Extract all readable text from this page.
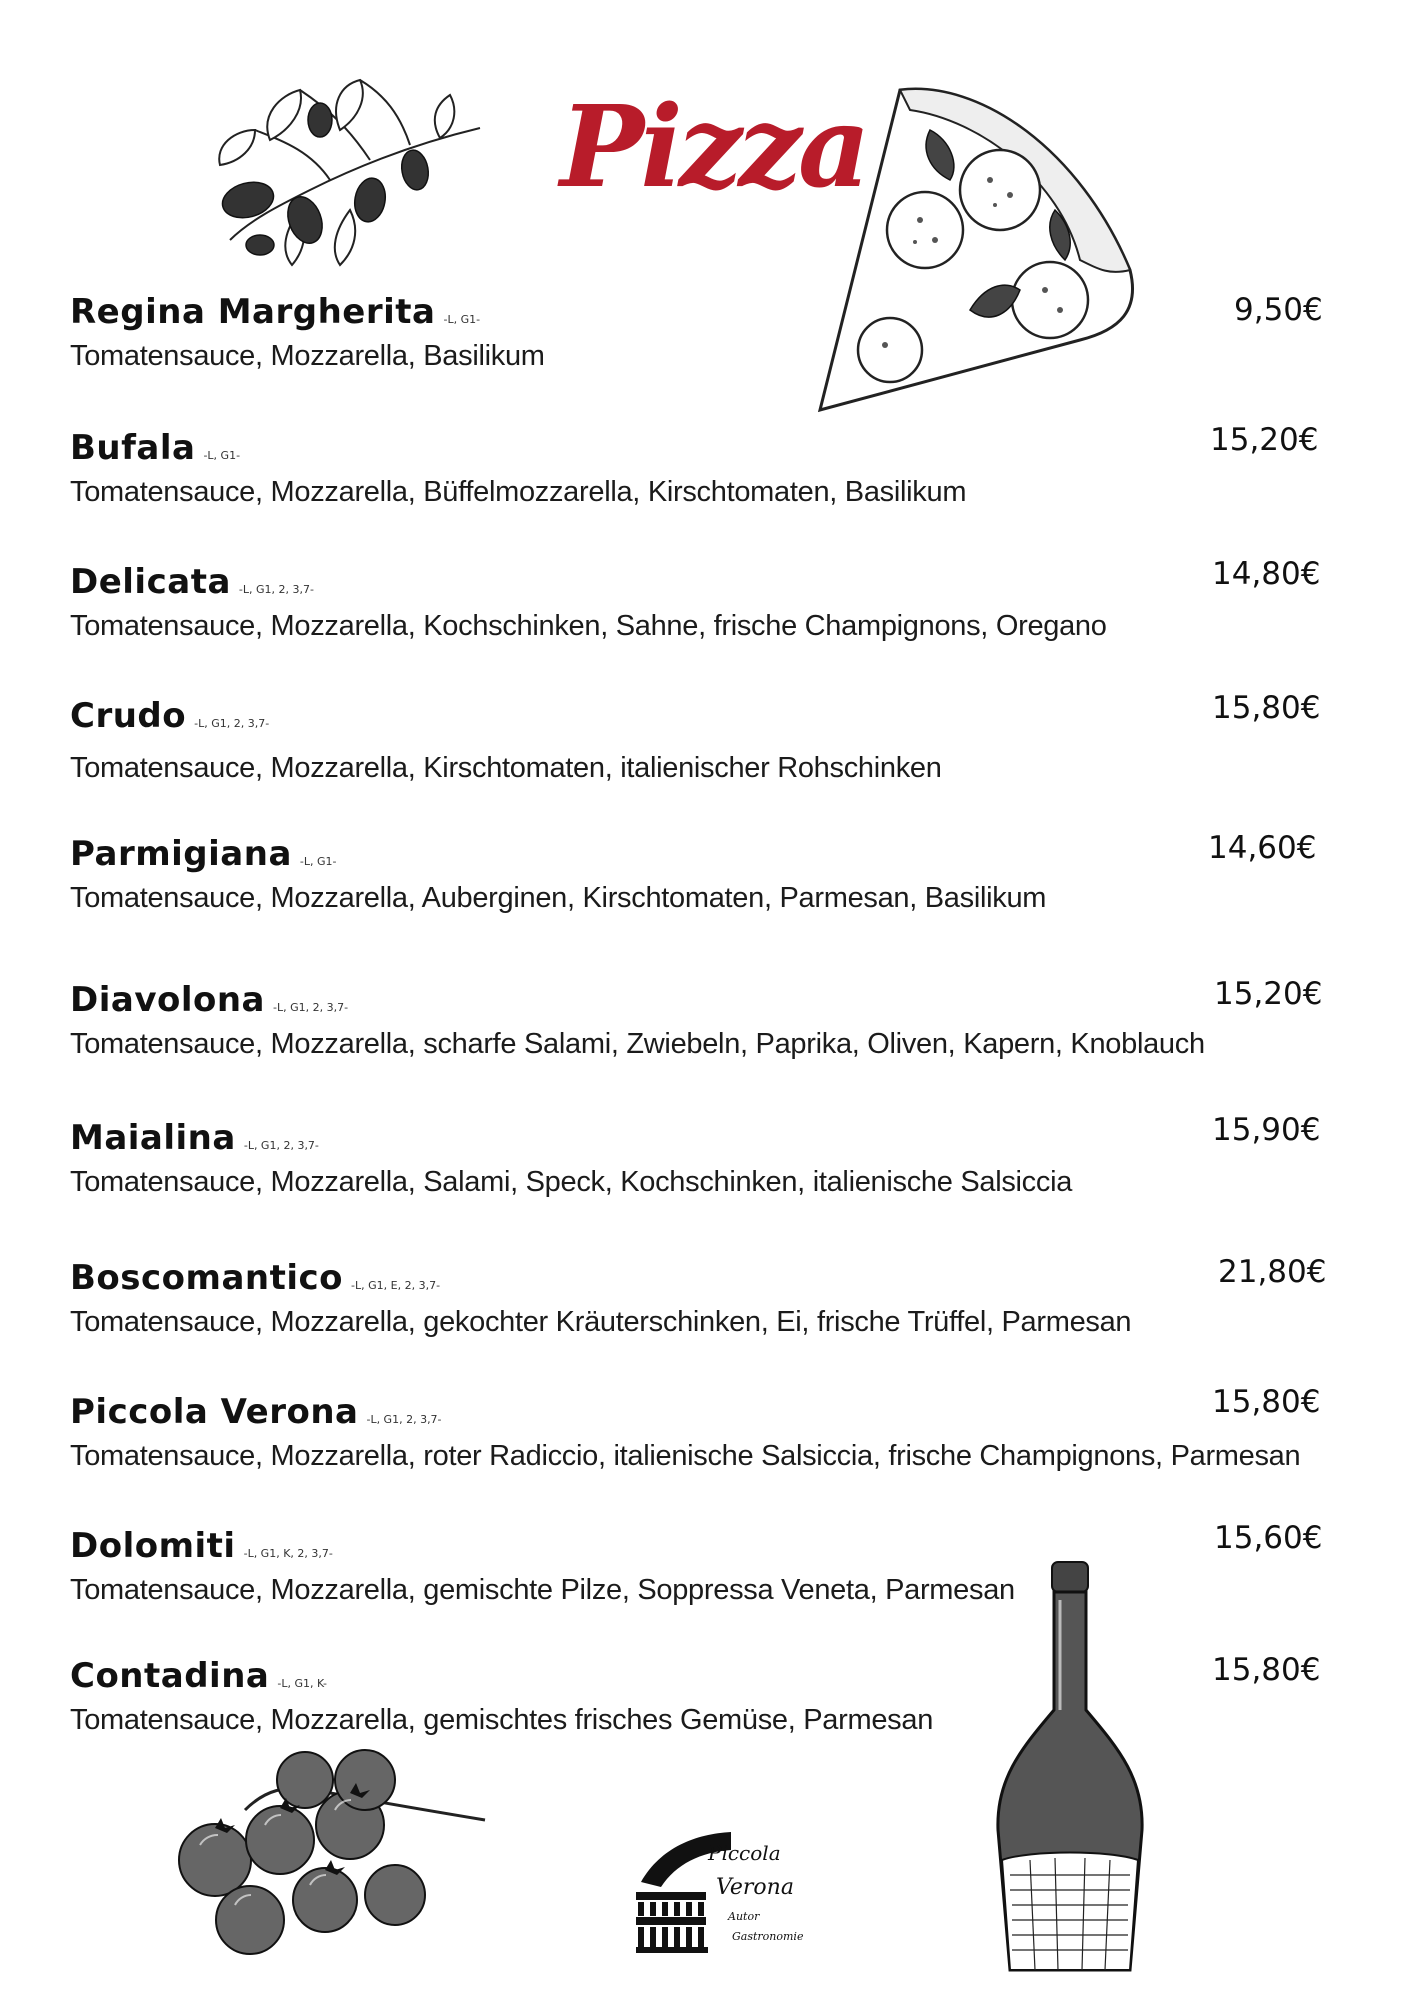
Pizza
Regina Margherita -L, G1-
Tomatensauce, Mozzarella, Basilikum
9,50€
Bufala -L, G1-
Tomatensauce, Mozzarella, Büffelmozzarella, Kirschtomaten, Basilikum
15,20€
Delicata -L, G1, 2, 3,7-
Tomatensauce, Mozzarella, Kochschinken, Sahne, frische Champignons, Oregano
14,80€
Crudo -L, G1, 2, 3,7-
Tomatensauce, Mozzarella, Kirschtomaten, italienischer Rohschinken
15,80€
Parmigiana -L, G1-
Tomatensauce, Mozzarella, Auberginen, Kirschtomaten, Parmesan, Basilikum
14,60€
Diavolona -L, G1, 2, 3,7-
Tomatensauce, Mozzarella, scharfe Salami, Zwiebeln, Paprika, Oliven, Kapern, Knoblauch
15,20€
Maialina -L, G1, 2, 3,7-
Tomatensauce, Mozzarella, Salami, Speck, Kochschinken, italienische Salsiccia
15,90€
Boscomantico -L, G1, E, 2, 3,7-
Tomatensauce, Mozzarella, gekochter Kräuterschinken, Ei, frische Trüffel, Parmesan
21,80€
Piccola Verona -L, G1, 2, 3,7-
Tomatensauce, Mozzarella, roter Radiccio, italienische Salsiccia, frische Champignons, Parmesan
15,80€
Dolomiti -L, G1, K, 2, 3,7-
Tomatensauce, Mozzarella, gemischte Pilze, Soppressa Veneta, Parmesan
15,60€
Contadina -L, G1, K-
Tomatensauce, Mozzarella, gemischtes frisches Gemüse, Parmesan
15,80€
Piccola
Verona
Autor
Gastronomie
